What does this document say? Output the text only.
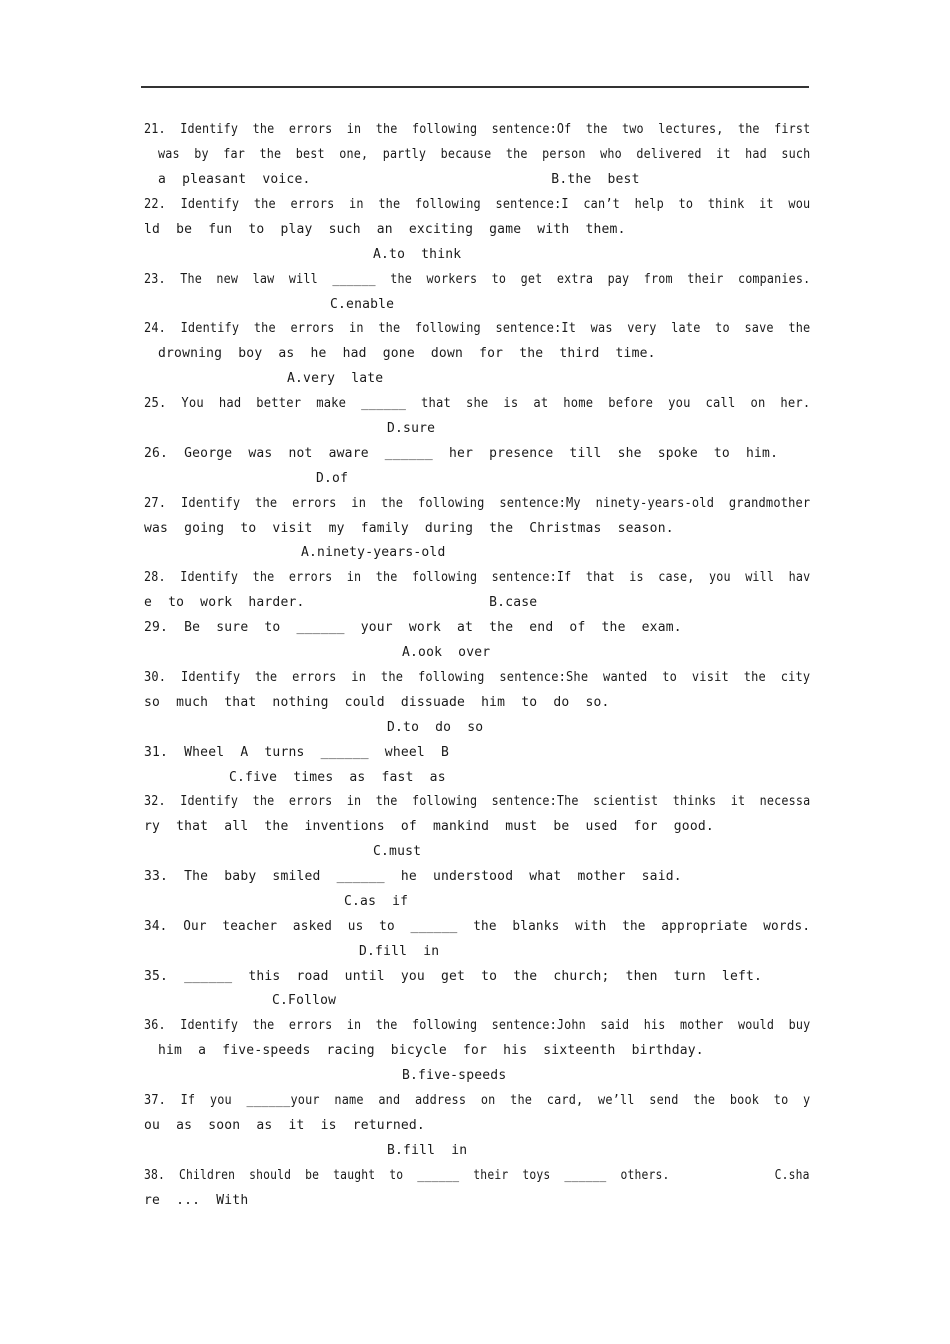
21.  Identify  the  errors  in  the  following  sentence:Of  the  two  lectures,  the  first
was  by  far  the  best  one,  partly  because  the  person  who  delivered  it  had  such
a  pleasant  voice.                              B.the  best
22.  Identify  the  errors  in  the  following  sentence:I  can’t  help  to  think  it  wou
ld  be  fun  to  play  such  an  exciting  game  with  them.
A.to  think
23.  The  new  law  will  ______  the  workers  to  get  extra  pay  from  their  companies.
C.enable
24.  Identify  the  errors  in  the  following  sentence:It  was  very  late  to  save  the
drowning  boy  as  he  had  gone  down  for  the  third  time.
A.very  late
25.  You  had  better  make  ______  that  she  is  at  home  before  you  call  on  her.
D.sure
26.  George  was  not  aware  ______  her  presence  till  she  spoke  to  him.
D.of
27.  Identify  the  errors  in  the  following  sentence:My  ninety-years-old  grandmother
was  going  to  visit  my  family  during  the  Christmas  season.
A.ninety-years-old
28.  Identify  the  errors  in  the  following  sentence:If  that  is  case,  you  will  hav
e  to  work  harder.                       B.case
29.  Be  sure  to  ______  your  work  at  the  end  of  the  exam.
A.ook  over
30.  Identify  the  errors  in  the  following  sentence:She  wanted  to  visit  the  city
so  much  that  nothing  could  dissuade  him  to  do  so.
D.to  do  so
31.  Wheel  A  turns  ______  wheel  B
C.five  times  as  fast  as
32.  Identify  the  errors  in  the  following  sentence:The  scientist  thinks  it  necessa
ry  that  all  the  inventions  of  mankind  must  be  used  for  good.
C.must
33.  The  baby  smiled  ______  he  understood  what  mother  said.
C.as  if
34.  Our  teacher  asked  us  to  ______  the  blanks  with  the  appropriate  words.
D.fill  in
35.  ______  this  road  until  you  get  to  the  church;  then  turn  left.
C.Follow
36.  Identify  the  errors  in  the  following  sentence:John  said  his  mother  would  buy
him  a  five-speeds  racing  bicycle  for  his  sixteenth  birthday.
B.five-speeds
37.  If  you  ______your  name  and  address  on  the  card,  we’ll  send  the  book  to  y
ou  as  soon  as  it  is  returned.
B.fill  in
38.  Children  should  be  taught  to  ______  their  toys  ______  others.               C.sha
re  ...  With
